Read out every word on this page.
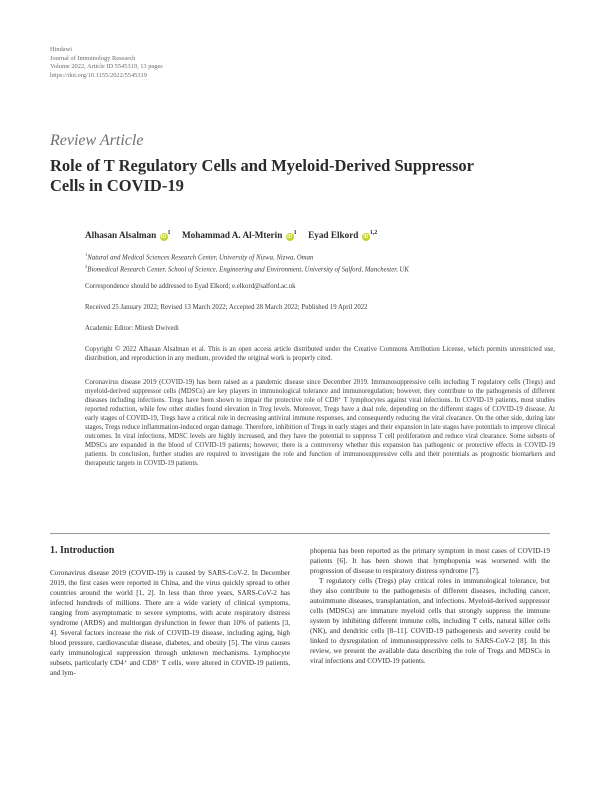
Hindawi
Journal of Immunology Research
Volume 2022, Article ID 5545319, 13 pages
https://doi.org/10.1155/2022/5545319
Review Article
Role of T Regulatory Cells and Myeloid-Derived Suppressor
Cells in COVID-19
Alhasan Alsalman $iD^1$ Mohammad A. Al-Mterin $iD^1$ Eyad Elkord iD$^{1,2}$
$^1$Natural and Medical Sciences Research Center, University of Nizwa, Nizwa, Oman
$^2$Biomedical Research Center, School of Science, Engineering and Environment, University of Salford, Manchester, UK
Correspondence should be addressed to Eyad Elkord; e.elkord@salford.ac.uk
Received 25 January 2022; Revised 13 March 2022; Accepted 28 March 2022; Published 19 April 2022
Academic Editor: Mitesh Dwivedi
Copyright © 2022 Alhasan Alsalman et al. This is an open access article distributed under the Creative Commons Attribution License, which permits unrestricted use, distribution, and reproduction in any medium, provided the original work is properly cited.
Coronavirus disease 2019 (COVID-19) has been raised as a pandemic disease since December 2019. Immunosuppressive cells including T regulatory cells (Tregs) and myeloid-derived suppressor cells (MDSCs) are key players in immunological tolerance and immunoregulation; however, they contribute to the pathogenesis of different diseases including infections. Tregs have been shown to impair the protective role of CD8⁺ T lymphocytes against viral infections. In COVID-19 patients, most studies reported reduction, while few other studies found elevation in Treg levels. Moreover, Tregs have a dual role, depending on the different stages of COVID-19 disease. At early stages of COVID-19, Tregs have a critical role in decreasing antiviral immune responses, and consequently reducing the viral clearance. On the other side, during late stages, Tregs reduce inflammation-induced organ damage. Therefore, inhibition of Tregs in early stages and their expansion in late stages have potentials to improve clinical outcomes. In viral infections, MDSC levels are highly increased, and they have the potential to suppress T cell proliferation and reduce viral clearance. Some subsets of MDSCs are expanded in the blood of COVID-19 patients; however, there is a controversy whether this expansion has pathogenic or protective effects in COVID-19 patients. In conclusion, further studies are required to investigate the role and function of immunosuppressive cells and their potentials as prognostic biomarkers and therapeutic targets in COVID-19 patients.
1. Introduction

Coronavirus disease 2019 (COVID-19) is caused by SARS-CoV-2. In December 2019, the first cases were reported in China, and the virus quickly spread to other countries around the world [1, 2]. In less than three years, SARS-CoV-2 has infected hundreds of millions. There are a wide variety of clinical symptoms, ranging from asymptomatic to severe symptoms, with acute respiratory distress syndrome (ARDS) and multiorgan dysfunction in fewer than 10% of patients [3, 4]. Several factors increase the risk of COVID-19 disease, including aging, high blood pressure, cardiovascular disease, diabetes, and obesity [5]. The virus causes early immunological suppression through unknown mechanisms. Lymphocyte subsets, particularly CD4⁺ and CD8⁺ T cells, were altered in COVID-19 patients, and lym-

phopenia has been reported as the primary symptom in most cases of COVID-19 patients [6]. It has been shown that lymphopenia was worsened with the progression of disease to respiratory distress syndrome [7].

T regulatory cells (Tregs) play critical roles in immunological tolerance, but they also contribute to the pathogenesis of different diseases, including cancer, autoimmune diseases, transplantation, and infections. Myeloid-derived suppressor cells (MDSCs) are immature myeloid cells that strongly suppress the immune system by inhibiting different immune cells, including T cells, natural killer cells (NK), and dendritic cells [8–11]. COVID-19 pathogenesis and severity could be linked to dysregulation of immunosuppressive cells to SARS-CoV-2 [8]. In this review, we present the available data describing the role of Tregs and MDSCs in viral infections and COVID-19 patients.
